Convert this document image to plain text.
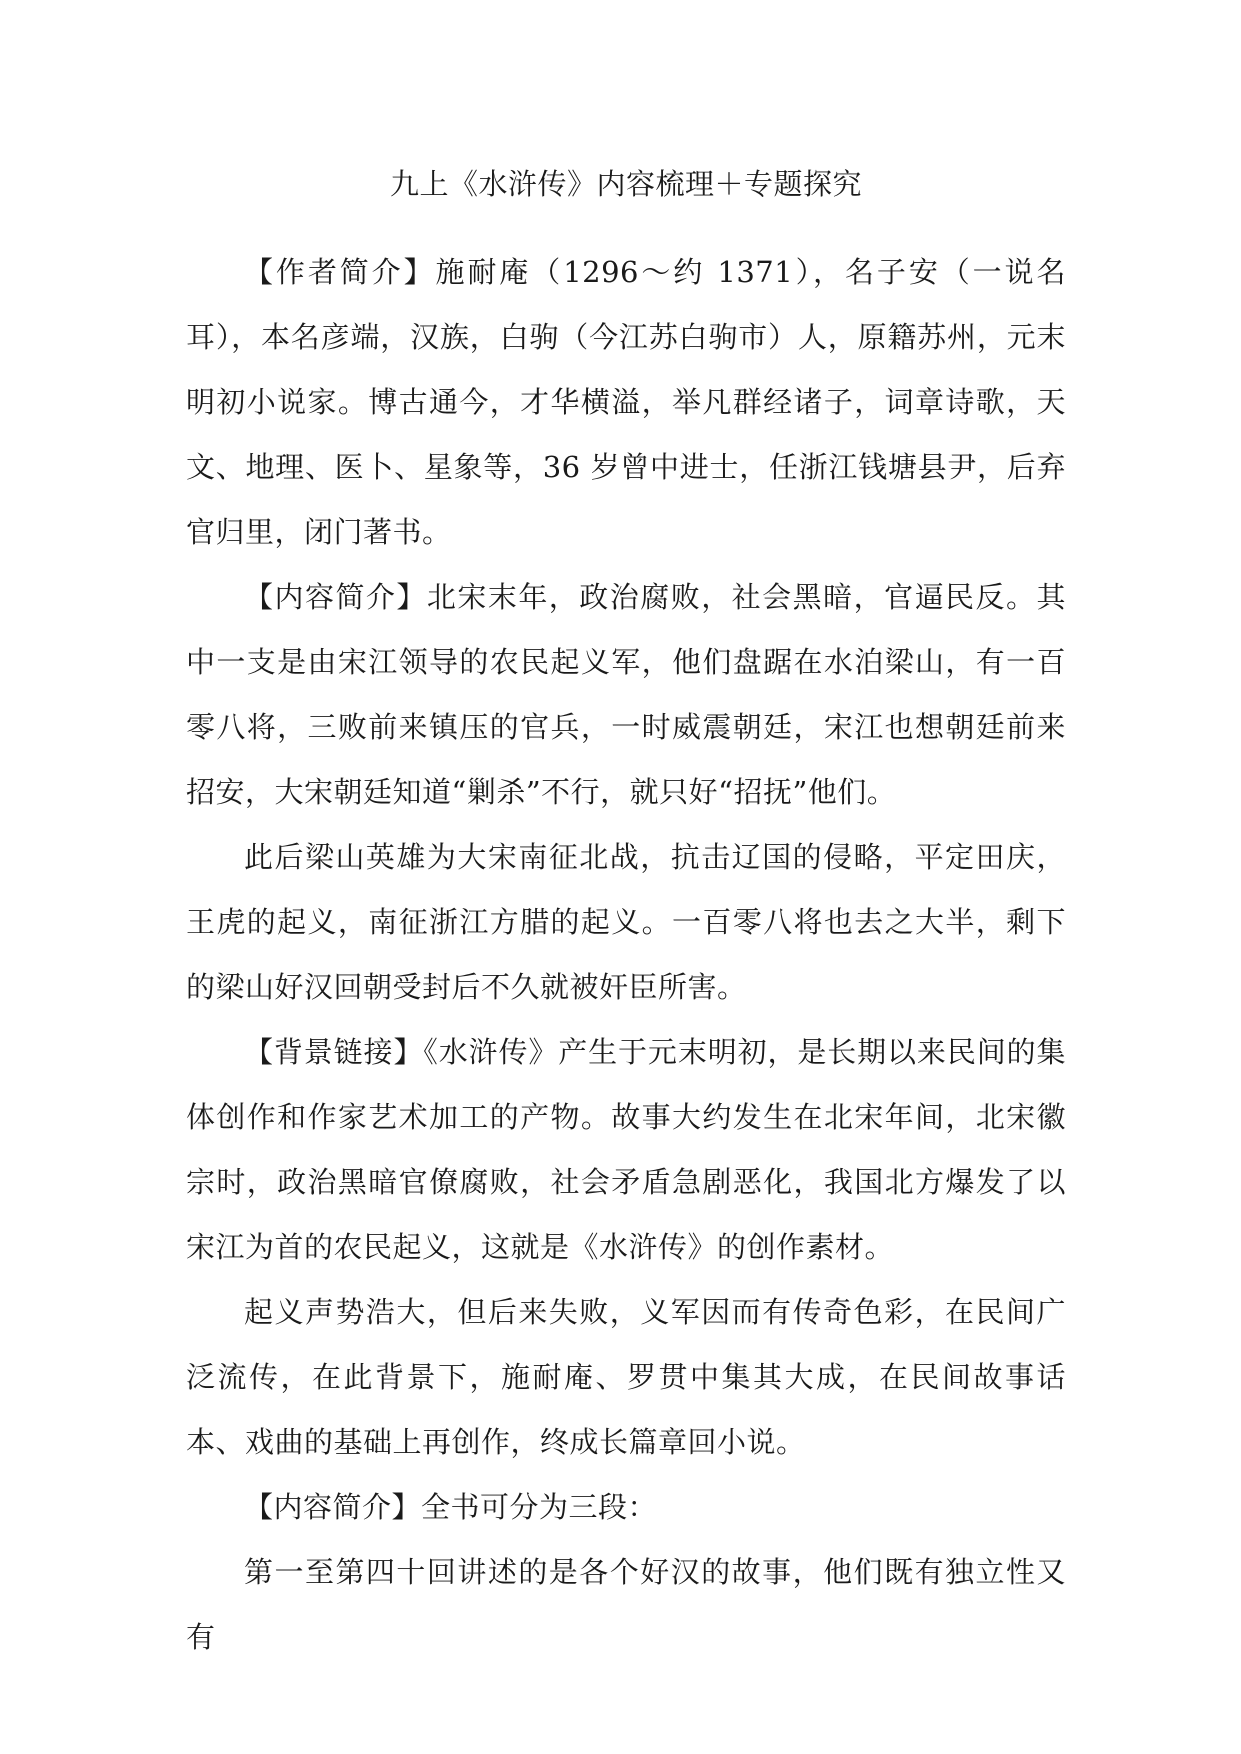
九上《水浒传》内容梳理＋专题探究

【作者简介】施耐庵（1296～约 1371），名子安（一说名耳），本名彦端，汉族，白驹（今江苏白驹市）人，原籍苏州，元末明初小说家。博古通今，才华横溢，举凡群经诸子，词章诗歌，天文、地理、医卜、星象等，36 岁曾中进士，任浙江钱塘县尹，后弃官归里，闭门著书。

【内容简介】北宋末年，政治腐败，社会黑暗，官逼民反。其中一支是由宋江领导的农民起义军，他们盘踞在水泊梁山，有一百零八将，三败前来镇压的官兵，一时威震朝廷，宋江也想朝廷前来招安，大宋朝廷知道“剿杀”不行，就只好“招抚”他们。

此后梁山英雄为大宋南征北战，抗击辽国的侵略，平定田庆，王虎的起义，南征浙江方腊的起义。一百零八将也去之大半，剩下的梁山好汉回朝受封后不久就被奸臣所害。

【背景链接】《水浒传》产生于元末明初，是长期以来民间的集体创作和作家艺术加工的产物。故事大约发生在北宋年间，北宋徽宗时，政治黑暗官僚腐败，社会矛盾急剧恶化，我国北方爆发了以宋江为首的农民起义，这就是《水浒传》的创作素材。

起义声势浩大，但后来失败，义军因而有传奇色彩，在民间广泛流传，在此背景下，施耐庵、罗贯中集其大成，在民间故事话本、戏曲的基础上再创作，终成长篇章回小说。

【内容简介】全书可分为三段：

第一至第四十回讲述的是各个好汉的故事，他们既有独立性又有
